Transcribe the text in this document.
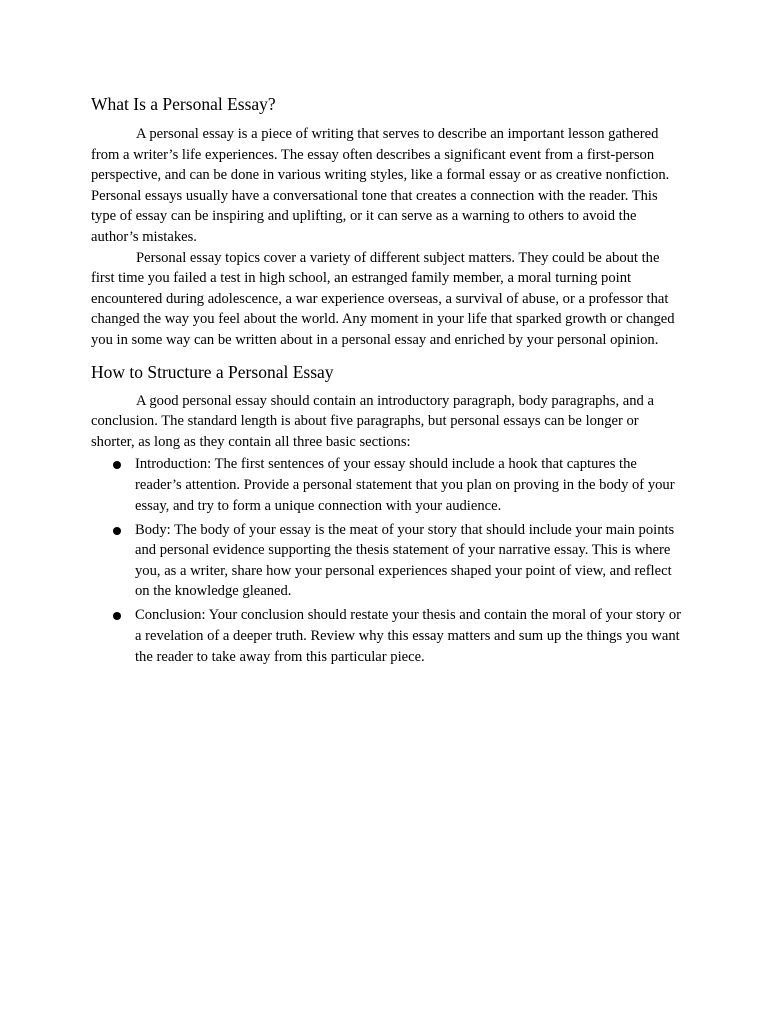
What Is a Personal Essay?

A personal essay is a piece of writing that serves to describe an important lesson gathered from a writer’s life experiences. The essay often describes a significant event from a first-person perspective, and can be done in various writing styles, like a formal essay or as creative nonfiction. Personal essays usually have a conversational tone that creates a connection with the reader. This type of essay can be inspiring and uplifting, or it can serve as a warning to others to avoid the author’s mistakes.

Personal essay topics cover a variety of different subject matters. They could be about the first time you failed a test in high school, an estranged family member, a moral turning point encountered during adolescence, a war experience overseas, a survival of abuse, or a professor that changed the way you feel about the world. Any moment in your life that sparked growth or changed you in some way can be written about in a personal essay and enriched by your personal opinion.

How to Structure a Personal Essay

A good personal essay should contain an introductory paragraph, body paragraphs, and a conclusion. The standard length is about five paragraphs, but personal essays can be longer or shorter, as long as they contain all three basic sections:

Introduction: The first sentences of your essay should include a hook that captures the reader’s attention. Provide a personal statement that you plan on proving in the body of your essay, and try to form a unique connection with your audience.
Body: The body of your essay is the meat of your story that should include your main points and personal evidence supporting the thesis statement of your narrative essay. This is where you, as a writer, share how your personal experiences shaped your point of view, and reflect on the knowledge gleaned.
Conclusion: Your conclusion should restate your thesis and contain the moral of your story or a revelation of a deeper truth. Review why this essay matters and sum up the things you want the reader to take away from this particular piece.
